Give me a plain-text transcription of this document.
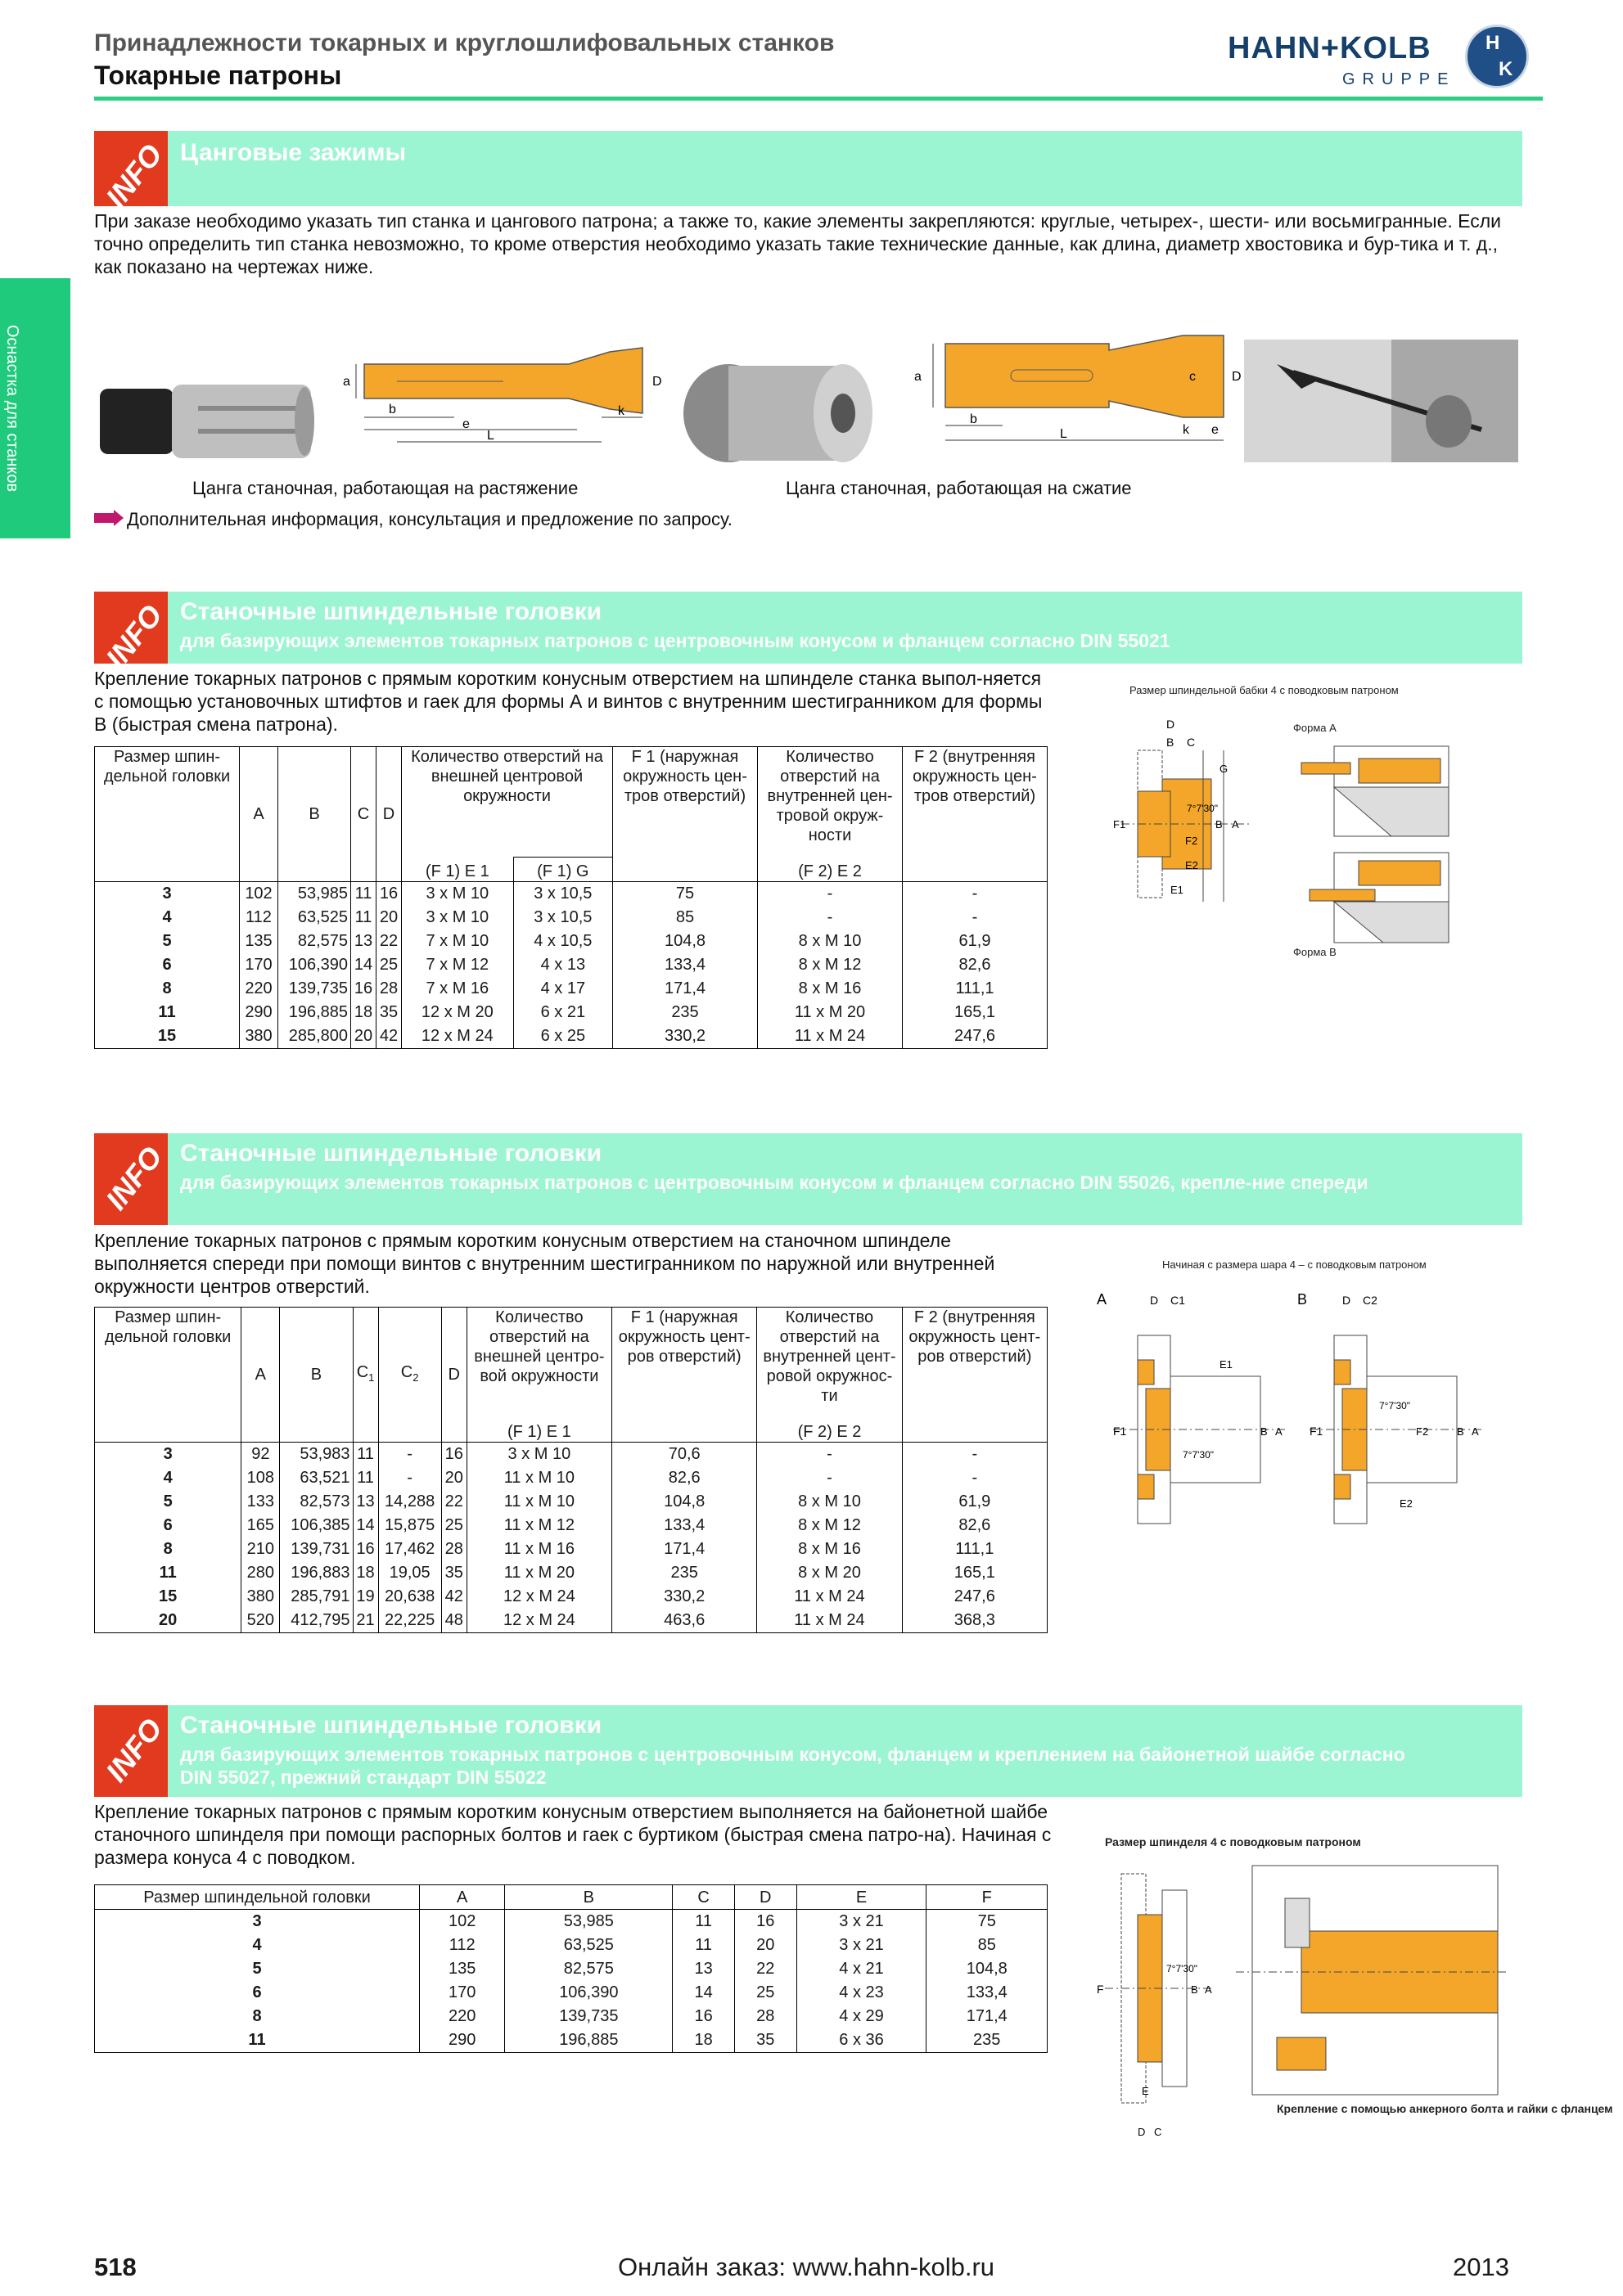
Принадлежности токарных и круглошлифовальных станков
Токарные патроны
HAHN+KOLB
GRUPPE
H
K
Оснастка для станков
INFO Цанговые зажимы
При заказе необходимо указать тип станка и цангового патрона; а также то, какие элементы закрепляются: круглые, четырех-, шести- или восьмигранные. Если точно определить тип станка невозможно, то кроме отверстия необходимо указать такие технические данные, как длина, диаметр хвостовика и бур-тика и т. д., как показано на чертежах ниже.
a
b
e
L
k
D	a
b
L	k e
c	D
Цанга станочная, работающая на растяжение	Цанга станочная, работающая на сжатие
Дополнительная информация, консультация и предложение по запросу.
INFO Станочные шпиндельные головки
для базирующих элементов токарных патронов с центровочным конусом и фланцем согласно DIN 55021
Крепление токарных патронов с прямым коротким конусным отверстием на шпинделе станка выпол-няется с помощью установочных штифтов и гаек для формы А и винтов с внутренним шестигранником для формы В (быстрая смена патрона).
Размер шпин-дельной головки	A	B	C	D	Количество отверстий на внешней центровой окружности		F 1 (наружная окружность цен-тров отверстий)	Количество отверстий на внутренней цен-тровой окруж-ности	F 2 (внутренняя окружность цен-тров отверстий)
					(F 1) E 1	(F 1) G		(F 2) E 2	
3	102	53,985	11	16	3 x M 10	3 x 10,5	75	-	-
4	112	63,525	11	20	3 x M 10	3 x 10,5	85	-	-
5	135	82,575	13	22	7 x M 10	4 x 10,5	104,8	8 x M 10	61,9
6	170	106,390	14	25	7 x M 12	4 x 13	133,4	8 x M 12	82,6
8	220	139,735	16	28	7 x M 16	4 x 17	171,4	8 x M 16	111,1
11	290	196,885	18	35	12 x M 20	6 x 21	235	11 x M 20	165,1
15	380	285,800	20	42	12 x M 24	6 x 25	330,2	11 x M 24	247,6
Размер шпиндельной бабки 4 с поводковым патроном
Форма А
Форма В
B C
D
G
F1
F2
E1
E2
B A
7°7'30"
INFO Станочные шпиндельные головки
для базирующих элементов токарных патронов с центровочным конусом и фланцем согласно DIN 55026, крепле-ние спереди
Крепление токарных патронов с прямым коротким конусным отверстием на станочном шпинделе выполняется спереди при помощи винтов с внутренним шестигранником по наружной или внутренней окружности центров отверстий.
Размер шпин-дельной головки	A	B	$C_1$	$C_2$	D	Количество отверстий на внешней центро-вой окружности	F 1 (наружная окружность цент-ров отверстий)	Количество отверстий на внутренней цент-ровой окружнос-ти	F 2 (внутренняя окружность цент-ров отверстий)
						(F 1) E 1		(F 2) E 2	
3	92	53,983	11	-	16	3 x M 10	70,6	-	-
4	108	63,521	11	-	20	11 x M 10	82,6	-	-
5	133	82,573	13	14,288	22	11 x M 10	104,8	8 x M 10	61,9
6	165	106,385	14	15,875	25	11 x M 12	133,4	8 x M 12	82,6
8	210	139,731	16	17,462	28	11 x M 16	171,4	8 x M 16	111,1
11	280	196,883	18	19,05	35	11 x M 20	235	8 x M 20	165,1
15	380	285,791	19	20,638	42	12 x M 24	330,2	11 x M 24	247,6
20	520	412,795	21	22,225	48	12 x M 24	463,6	11 x M 24	368,3
Начиная с размера шара 4 – с поводковым патроном
A	B
D C1
F1
E1
B A
7°7'30"
D C2
F1	F2
E2
B A
7°7'30"
INFO Станочные шпиндельные головки
для базирующих элементов токарных патронов с центровочным конусом, фланцем и креплением на байонетной шайбе согласно DIN 55027, прежний стандарт DIN 55022
Крепление токарных патронов с прямым коротким конусным отверстием выполняется на байонетной шайбе станочного шпинделя при помощи распорных болтов и гаек с буртиком (быстрая смена патро-на). Начиная с размера конуса 4 с поводком.
Размер шпиндельной головки	A	B	C	D	E	F
3	102	53,985	11	16	3 x 21	75
4	112	63,525	11	20	3 x 21	85
5	135	82,575	13	22	4 x 21	104,8
6	170	106,390	14	25	4 x 23	133,4
8	220	139,735	16	28	4 x 29	171,4
11	290	196,885	18	35	6 x 36	235
Размер шпинделя 4 с поводковым патроном
Крепление с помощью анкерного болта и гайки с фланцем
F	B A
E
D C
7°7'30"
518	Онлайн заказ: www.hahn-kolb.ru	2013
